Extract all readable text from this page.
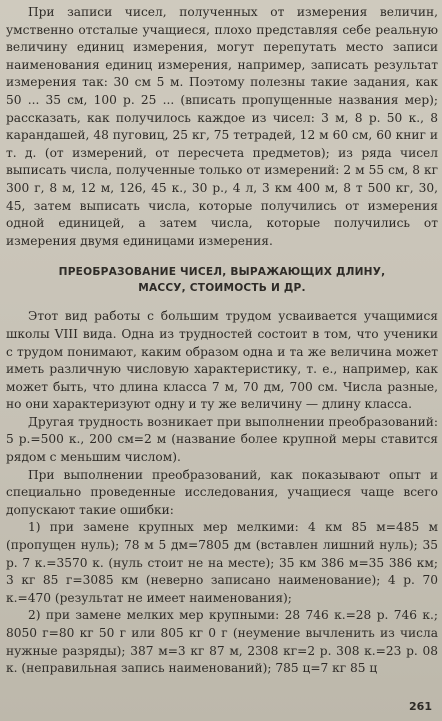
При записи чисел, полученных от измерения величин, умственно отсталые учащиеся, плохо представляя себе реальную величину единиц измерения, могут перепутать место записи наименования единиц измерения, например, записать результат измерения так: 30 см 5 м. Поэтому полезны такие задания, как 50 ... 35 см, 100 р. 25 ... (вписать пропущенные названия мер); рассказать, как получилось каждое из чисел: 3 м, 8 р. 50 к., 8 карандашей, 48 пуговиц, 25 кг, 75 тетрадей, 12 м 60 см, 60 книг и т. д. (от измерений, от пересчета предметов); из ряда чисел выписать числа, полученные только от измерений: 2 м 55 см, 8 кг 300 г, 8 м, 12 м, 126, 45 к., 30 р., 4 л, 3 км 400 м, 8 т 500 кг, 30, 45, затем выписать числа, которые получились от измерения одной единицей, а затем числа, которые получились от измерения двумя единицами измерения.

ПРЕОБРАЗОВАНИЕ ЧИСЕЛ, ВЫРАЖАЮЩИХ ДЛИНУ,
МАССУ, СТОИМОСТЬ И ДР.

Этот вид работы с большим трудом усваивается учащимися школы VIII вида. Одна из трудностей состоит в том, что ученики с трудом понимают, каким образом одна и та же величина может иметь различную числовую характеристику, т. е., например, как может быть, что длина класса 7 м, 70 дм, 700 см. Числа разные, но они характеризуют одну и ту же величину — длину класса.

Другая трудность возникает при выполнении преобразований: 5 р.=500 к., 200 см=2 м (название более крупной меры ставится рядом с меньшим числом).

При выполнении преобразований, как показывают опыт и специально проведенные исследования, учащиеся чаще всего допускают такие ошибки:

1) при замене крупных мер мелкими: 4 км 85 м=485 м (пропущен нуль); 78 м 5 дм=7805 дм (вставлен лишний нуль); 35 р. 7 к.=3570 к. (нуль стоит не на месте); 35 км 386 м=35 386 км; 3 кг 85 г=3085 км (неверно записано наименование); 4 р. 70 к.=470 (результат не имеет наименования);

2) при замене мелких мер крупными: 28 746 к.=28 р. 746 к.; 8050 г=80 кг 50 г или 805 кг 0 г (неумение вычленить из числа нужные разряды); 387 м=3 кг 87 м, 2308 кг=2 р. 308 к.=23 р. 08 к. (неправильная запись наименований); 785 ц=7 кг 85 ц

261
